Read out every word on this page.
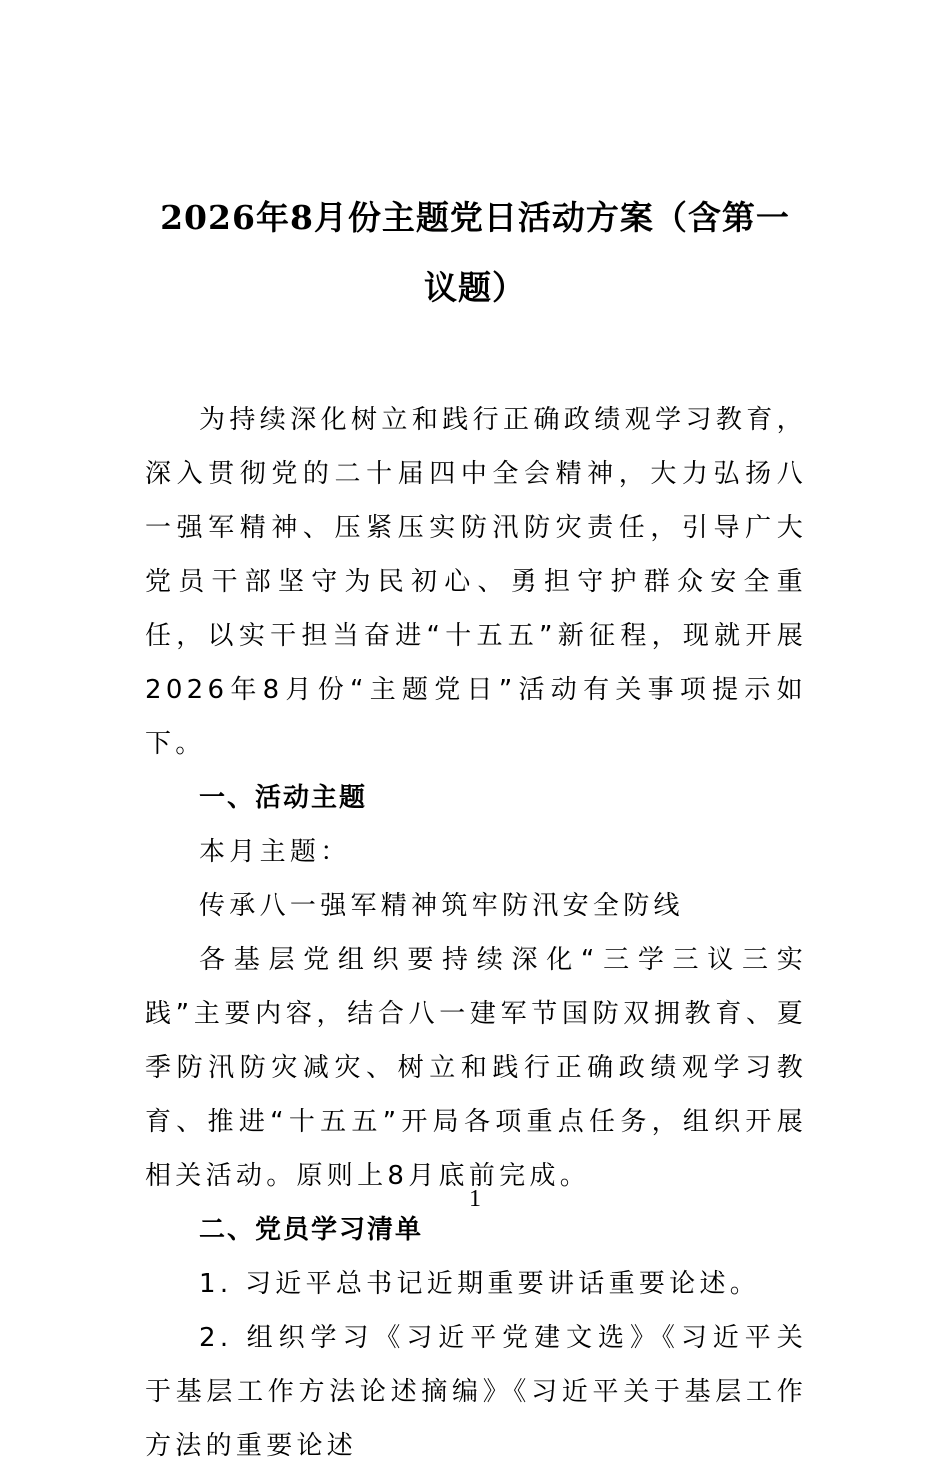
2026年8月份主题党日活动方案（含第一
议题）

为持续深化树立和践行正确政绩观学习教育，深入贯彻党的二十届四中全会精神，大力弘扬八一强军精神、压紧压实防汛防灾责任，引导广大党员干部坚守为民初心、勇担守护群众安全重任，以实干担当奋进“十五五”新征程，现就开展2026年8月份“主题党日”活动有关事项提示如下。

一、活动主题

本月主题：

传承八一强军精神筑牢防汛安全防线

各基层党组织要持续深化“三学三议三实践”主要内容，结合八一建军节国防双拥教育、夏季防汛防灾减灾、树立和践行正确政绩观学习教育、推进“十五五”开局各项重点任务，组织开展相关活动。原则上8月底前完成。

二、党员学习清单

1. 习近平总书记近期重要讲话重要论述。

2. 组织学习《习近平党建文选》《习近平关于基层工作方法论述摘编》《习近平关于基层工作方法的重要论述

1
